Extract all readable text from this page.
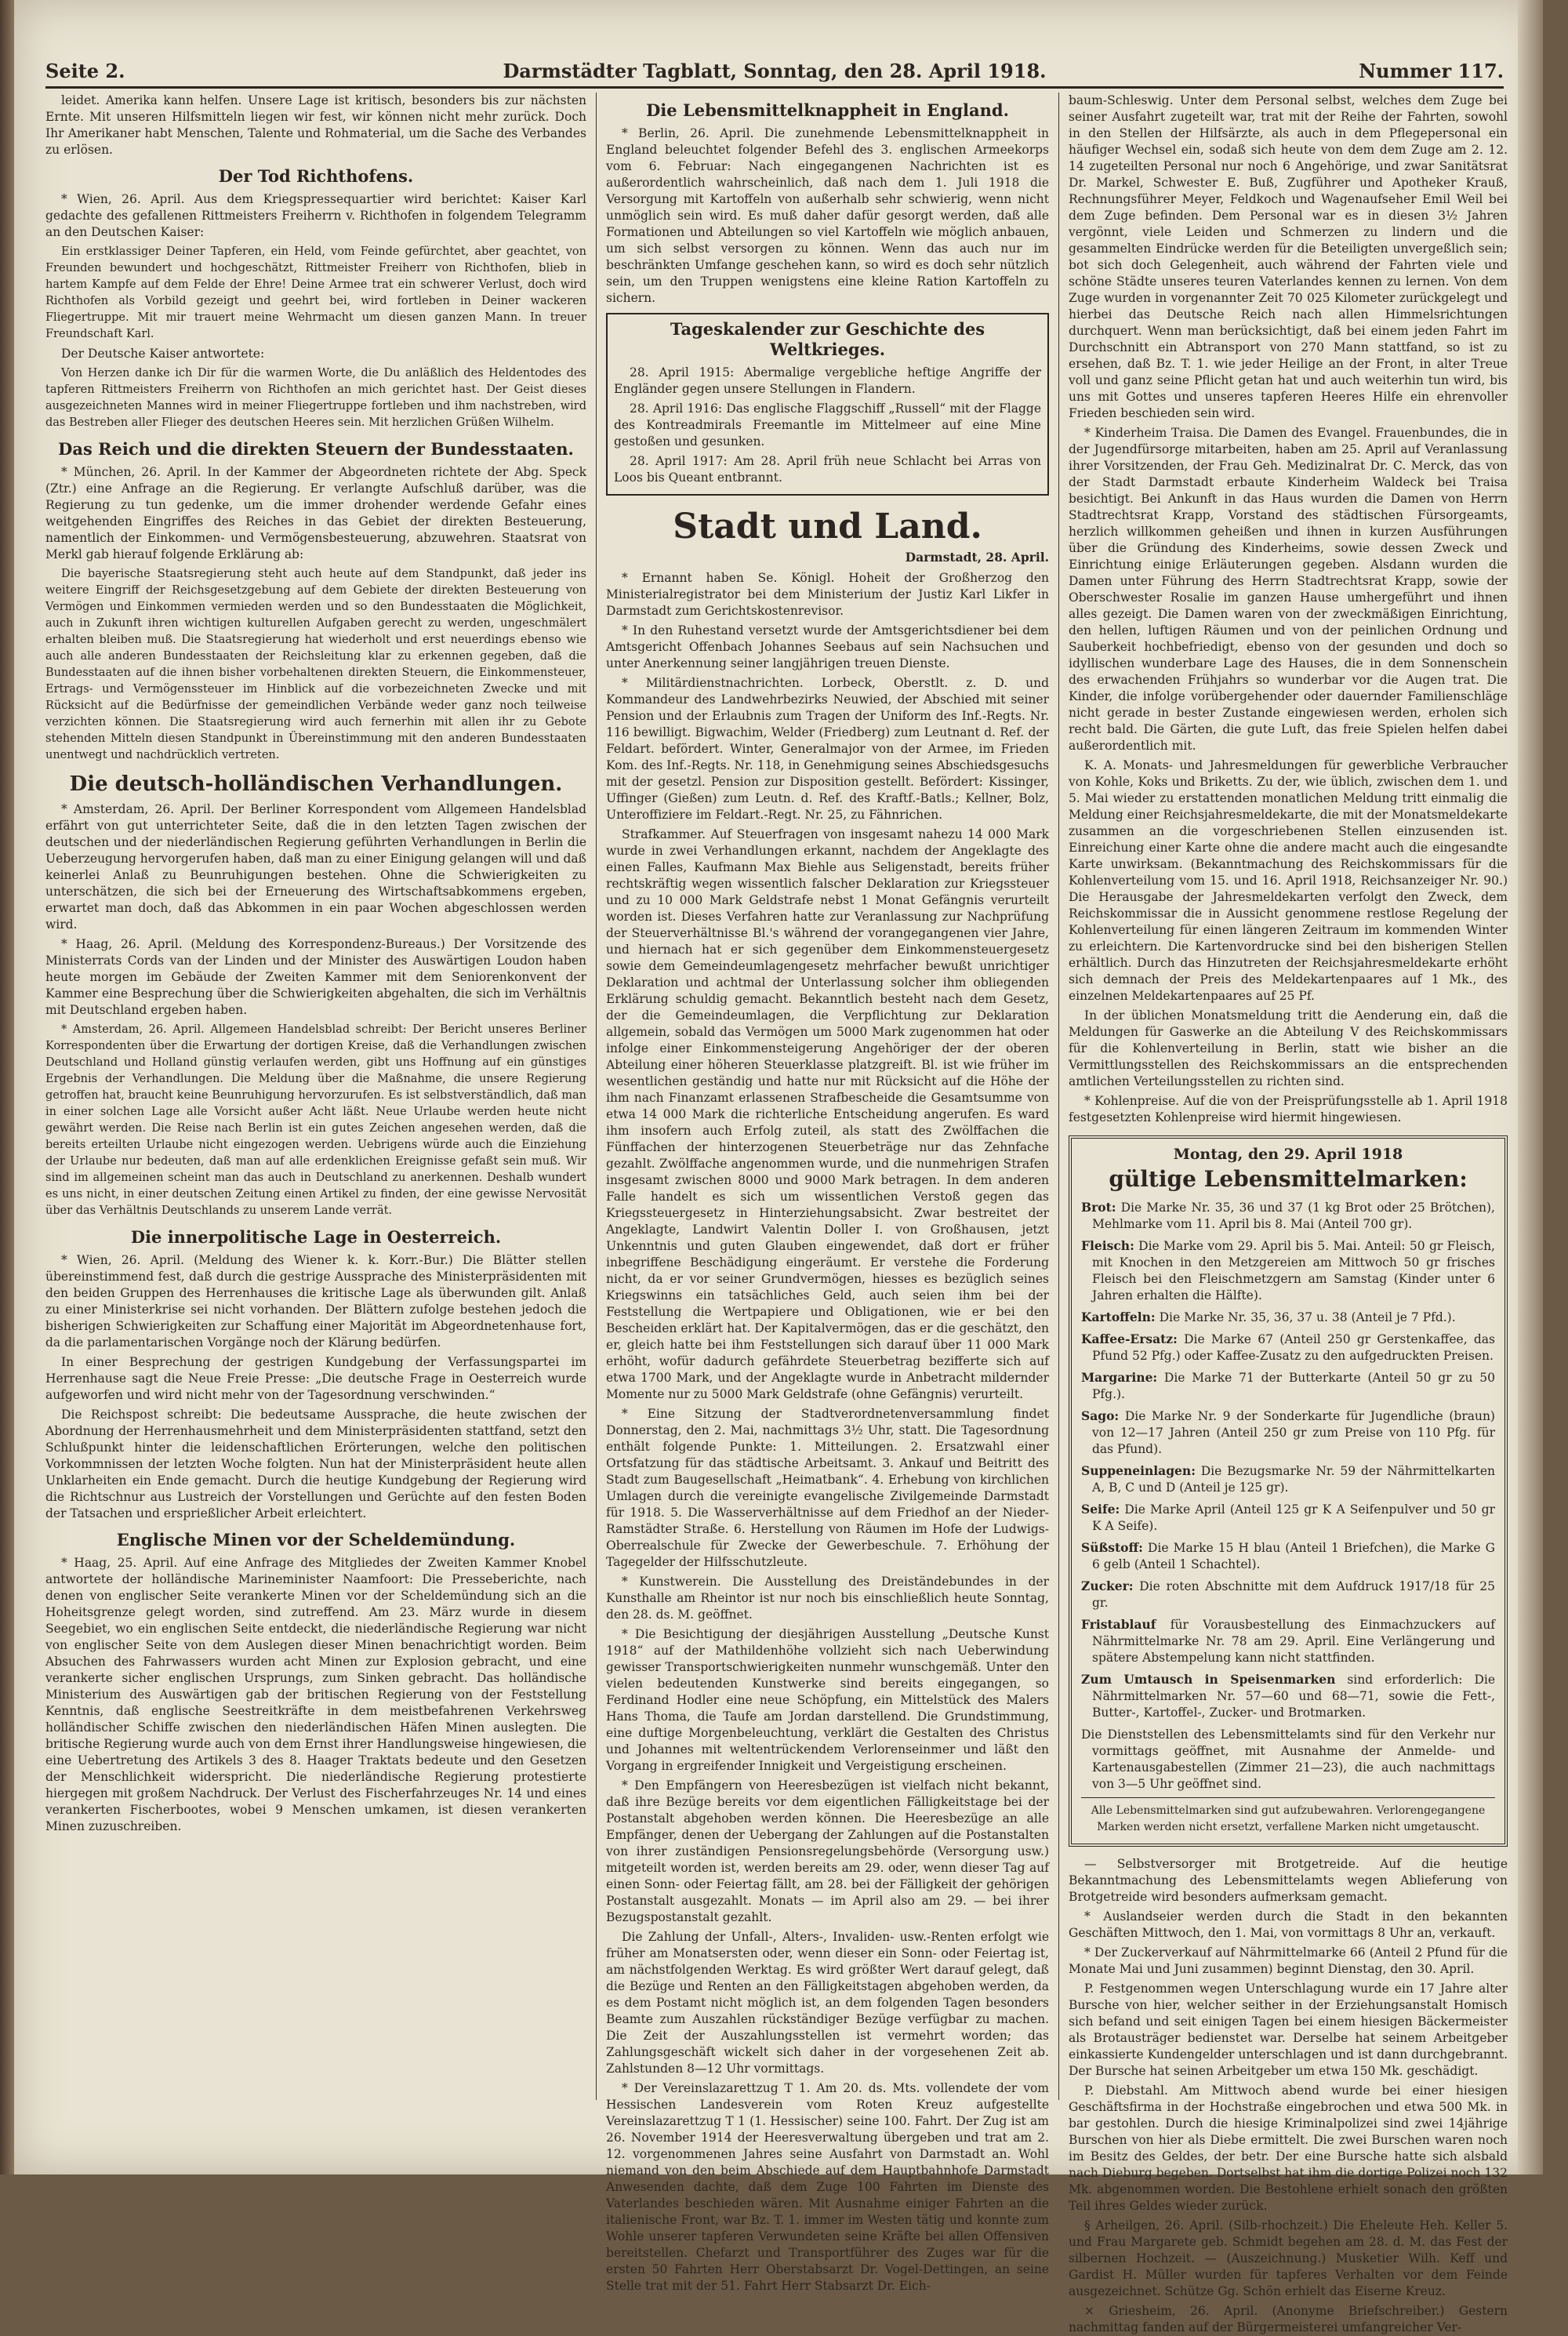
Seite 2.	Darmstädter Tagblatt, Sonntag, den 28. April 1918.	Nummer 117.

leidet. Amerika kann helfen. Unsere Lage ist kritisch, besonders bis zur nächsten Ernte. Mit unseren Hilfsmitteln liegen wir fest, wir können nicht mehr zurück. Doch Ihr Amerikaner habt Menschen, Talente und Rohmaterial, um die Sache des Verbandes zu erlösen.

Der Tod Richthofens.

* Wien, 26. April. Aus dem Kriegspressequartier wird berichtet: Kaiser Karl gedachte des gefallenen Rittmeisters Freiherrn v. Richthofen in folgendem Telegramm an den Deutschen Kaiser:

Ein erstklassiger Deiner Tapferen, ein Held, vom Feinde gefürchtet, aber geachtet, von Freunden bewundert und hochgeschätzt, Rittmeister Freiherr von Richthofen, blieb in hartem Kampfe auf dem Felde der Ehre! Deine Armee trat ein schwerer Verlust, doch wird Richthofen als Vorbild gezeigt und geehrt bei, wird fortleben in Deiner wackeren Fliegertruppe. Mit mir trauert meine Wehrmacht um diesen ganzen Mann. In treuer Freundschaft Karl.

Der Deutsche Kaiser antwortete:

Von Herzen danke ich Dir für die warmen Worte, die Du anläßlich des Heldentodes des tapferen Rittmeisters Freiherrn von Richthofen an mich gerichtet hast. Der Geist dieses ausgezeichneten Mannes wird in meiner Fliegertruppe fortleben und ihm nachstreben, wird das Bestreben aller Flieger des deutschen Heeres sein. Mit herzlichen Grüßen Wilhelm.

Das Reich und die direkten Steuern der Bundesstaaten.

* München, 26. April. In der Kammer der Abgeordneten richtete der Abg. Speck (Ztr.) eine Anfrage an die Regierung. Er verlangte Aufschluß darüber, was die Regierung zu tun gedenke, um die immer drohender werdende Gefahr eines weitgehenden Eingriffes des Reiches in das Gebiet der direkten Besteuerung, namentlich der Einkommen- und Vermögensbesteuerung, abzuwehren. Staatsrat von Merkl gab hierauf folgende Erklärung ab:

Die bayerische Staatsregierung steht auch heute auf dem Standpunkt, daß jeder ins weitere Eingriff der Reichsgesetzgebung auf dem Gebiete der direkten Besteuerung von Vermögen und Einkommen vermieden werden und so den Bundesstaaten die Möglichkeit, auch in Zukunft ihren wichtigen kulturellen Aufgaben gerecht zu werden, ungeschmälert erhalten bleiben muß. Die Staatsregierung hat wiederholt und erst neuerdings ebenso wie auch alle anderen Bundesstaaten der Reichsleitung klar zu erkennen gegeben, daß die Bundesstaaten auf die ihnen bisher vorbehaltenen direkten Steuern, die Einkommensteuer, Ertrags- und Vermögenssteuer im Hinblick auf die vorbezeichneten Zwecke und mit Rücksicht auf die Bedürfnisse der gemeindlichen Verbände weder ganz noch teilweise verzichten können. Die Staatsregierung wird auch fernerhin mit allen ihr zu Gebote stehenden Mitteln diesen Standpunkt in Übereinstimmung mit den anderen Bundesstaaten unentwegt und nachdrücklich vertreten.

Die deutsch-holländischen Verhandlungen.

* Amsterdam, 26. April. Der Berliner Korrespondent vom Allgemeen Handelsblad erfährt von gut unterrichteter Seite, daß die in den letzten Tagen zwischen der deutschen und der niederländischen Regierung geführten Verhandlungen in Berlin die Ueberzeugung hervorgerufen haben, daß man zu einer Einigung gelangen will und daß keinerlei Anlaß zu Beunruhigungen bestehen. Ohne die Schwierigkeiten zu unterschätzen, die sich bei der Erneuerung des Wirtschaftsabkommens ergeben, erwartet man doch, daß das Abkommen in ein paar Wochen abgeschlossen werden wird.

* Haag, 26. April. (Meldung des Korrespondenz-Bureaus.) Der Vorsitzende des Ministerrats Cords van der Linden und der Minister des Auswärtigen Loudon haben heute morgen im Gebäude der Zweiten Kammer mit dem Seniorenkonvent der Kammer eine Besprechung über die Schwierigkeiten abgehalten, die sich im Verhältnis mit Deutschland ergeben haben.

* Amsterdam, 26. April. Allgemeen Handelsblad schreibt: Der Bericht unseres Berliner Korrespondenten über die Erwartung der dortigen Kreise, daß die Verhandlungen zwischen Deutschland und Holland günstig verlaufen werden, gibt uns Hoffnung auf ein günstiges Ergebnis der Verhandlungen. Die Meldung über die Maßnahme, die unsere Regierung getroffen hat, braucht keine Beunruhigung hervorzurufen. Es ist selbstverständlich, daß man in einer solchen Lage alle Vorsicht außer Acht läßt. Neue Urlaube werden heute nicht gewährt werden. Die Reise nach Berlin ist ein gutes Zeichen angesehen werden, daß die bereits erteilten Urlaube nicht eingezogen werden. Uebrigens würde auch die Einziehung der Urlaube nur bedeuten, daß man auf alle erdenklichen Ereignisse gefaßt sein muß. Wir sind im allgemeinen scheint man das auch in Deutschland zu anerkennen. Deshalb wundert es uns nicht, in einer deutschen Zeitung einen Artikel zu finden, der eine gewisse Nervosität über das Verhältnis Deutschlands zu unserem Lande verrät.

Die innerpolitische Lage in Oesterreich.

* Wien, 26. April. (Meldung des Wiener k. k. Korr.-Bur.) Die Blätter stellen übereinstimmend fest, daß durch die gestrige Aussprache des Ministerpräsidenten mit den beiden Gruppen des Herrenhauses die kritische Lage als überwunden gilt. Anlaß zu einer Ministerkrise sei nicht vorhanden. Der Blättern zufolge bestehen jedoch die bisherigen Schwierigkeiten zur Schaffung einer Majorität im Abgeordnetenhause fort, da die parlamentarischen Vorgänge noch der Klärung bedürfen.

In einer Besprechung der gestrigen Kundgebung der Verfassungspartei im Herrenhause sagt die Neue Freie Presse: „Die deutsche Frage in Oesterreich wurde aufgeworfen und wird nicht mehr von der Tagesordnung verschwinden.“

Die Reichspost schreibt: Die bedeutsame Aussprache, die heute zwischen der Abordnung der Herrenhausmehrheit und dem Ministerpräsidenten stattfand, setzt den Schlußpunkt hinter die leidenschaftlichen Erörterungen, welche den politischen Vorkommnissen der letzten Woche folgten. Nun hat der Ministerpräsident heute allen Unklarheiten ein Ende gemacht. Durch die heutige Kundgebung der Regierung wird die Richtschnur aus Lustreich der Vorstellungen und Gerüchte auf den festen Boden der Tatsachen und ersprießlicher Arbeit erleichtert.

Englische Minen vor der Scheldemündung.

* Haag, 25. April. Auf eine Anfrage des Mitgliedes der Zweiten Kammer Knobel antwortete der holländische Marineminister Naamfoort: Die Presseberichte, nach denen von englischer Seite verankerte Minen vor der Scheldemündung sich an die Hoheitsgrenze gelegt worden, sind zutreffend. Am 23. März wurde in diesem Seegebiet, wo ein englischen Seite entdeckt, die niederländische Regierung war nicht von englischer Seite von dem Auslegen dieser Minen benachrichtigt worden. Beim Absuchen des Fahrwassers wurden acht Minen zur Explosion gebracht, und eine verankerte sicher englischen Ursprungs, zum Sinken gebracht. Das holländische Ministerium des Auswärtigen gab der britischen Regierung von der Feststellung Kenntnis, daß englische Seestreitkräfte in dem meistbefahrenen Verkehrsweg holländischer Schiffe zwischen den niederländischen Häfen Minen auslegten. Die britische Regierung wurde auch von dem Ernst ihrer Handlungsweise hingewiesen, die eine Uebertretung des Artikels 3 des 8. Haager Traktats bedeute und den Gesetzen der Menschlichkeit widerspricht. Die niederländische Regierung protestierte hiergegen mit großem Nachdruck. Der Verlust des Fischerfahrzeuges Nr. 14 und eines verankerten Fischerbootes, wobei 9 Menschen umkamen, ist diesen verankerten Minen zuzuschreiben.

Die Lebensmittelknappheit in England.

* Berlin, 26. April. Die zunehmende Lebensmittelknappheit in England beleuchtet folgender Befehl des 3. englischen Armeekorps vom 6. Februar: Nach eingegangenen Nachrichten ist es außerordentlich wahrscheinlich, daß nach dem 1. Juli 1918 die Versorgung mit Kartoffeln von außerhalb sehr schwierig, wenn nicht unmöglich sein wird. Es muß daher dafür gesorgt werden, daß alle Formationen und Abteilungen so viel Kartoffeln wie möglich anbauen, um sich selbst versorgen zu können. Wenn das auch nur im beschränkten Umfange geschehen kann, so wird es doch sehr nützlich sein, um den Truppen wenigstens eine kleine Ration Kartoffeln zu sichern.

Tageskalender zur Geschichte des Weltkrieges.

28. April 1915: Abermalige vergebliche heftige Angriffe der Engländer gegen unsere Stellungen in Flandern.

28. April 1916: Das englische Flaggschiff „Russell“ mit der Flagge des Kontreadmirals Freemantle im Mittelmeer auf eine Mine gestoßen und gesunken.

28. April 1917: Am 28. April früh neue Schlacht bei Arras von Loos bis Queant entbrannt.

Stadt und Land.
Darmstadt, 28. April.

* Ernannt haben Se. Königl. Hoheit der Großherzog den Ministerialregistrator bei dem Ministerium der Justiz Karl Likfer in Darmstadt zum Gerichtskostenrevisor.

* In den Ruhestand versetzt wurde der Amtsgerichtsdiener bei dem Amtsgericht Offenbach Johannes Seebaus auf sein Nachsuchen und unter Anerkennung seiner langjährigen treuen Dienste.

* Militärdienstnachrichten. Lorbeck, Oberstlt. z. D. und Kommandeur des Landwehrbezirks Neuwied, der Abschied mit seiner Pension und der Erlaubnis zum Tragen der Uniform des Inf.-Regts. Nr. 116 bewilligt. Bigwachim, Welder (Friedberg) zum Leutnant d. Ref. der Feldart. befördert. Winter, Generalmajor von der Armee, im Frieden Kom. des Inf.-Regts. Nr. 118, in Genehmigung seines Abschiedsgesuchs mit der gesetzl. Pension zur Disposition gestellt. Befördert: Kissinger, Uffinger (Gießen) zum Leutn. d. Ref. des Kraftf.-Batls.; Kellner, Bolz, Unteroffiziere im Feldart.-Regt. Nr. 25, zu Fähnrichen.

Strafkammer. Auf Steuerfragen von insgesamt nahezu 14 000 Mark wurde in zwei Verhandlungen erkannt, nachdem der Angeklagte des einen Falles, Kaufmann Max Biehle aus Seligenstadt, bereits früher rechtskräftig wegen wissentlich falscher Deklaration zur Kriegssteuer und zu 10 000 Mark Geldstrafe nebst 1 Monat Gefängnis verurteilt worden ist. Dieses Verfahren hatte zur Veranlassung zur Nachprüfung der Steuerverhältnisse Bl.'s während der vorangegangenen vier Jahre, und hiernach hat er sich gegenüber dem Einkommensteuergesetz sowie dem Gemeindeumlagengesetz mehrfacher bewußt unrichtiger Deklaration und achtmal der Unterlassung solcher ihm obliegenden Erklärung schuldig gemacht. Bekanntlich besteht nach dem Gesetz, der die Gemeindeumlagen, die Verpflichtung zur Deklaration allgemein, sobald das Vermögen um 5000 Mark zugenommen hat oder infolge einer Einkommensteigerung Angehöriger der der oberen Abteilung einer höheren Steuerklasse platzgreift. Bl. ist wie früher im wesentlichen geständig und hatte nur mit Rücksicht auf die Höhe der ihm nach Finanzamt erlassenen Strafbescheide die Gesamtsumme von etwa 14 000 Mark die richterliche Entscheidung angerufen. Es ward ihm insofern auch Erfolg zuteil, als statt des Zwölffachen die Fünffachen der hinterzogenen Steuerbeträge nur das Zehnfache gezahlt. Zwölffache angenommen wurde, und die nunmehrigen Strafen insgesamt zwischen 8000 und 9000 Mark betragen. In dem anderen Falle handelt es sich um wissentlichen Verstoß gegen das Kriegssteuergesetz in Hinterziehungsabsicht. Zwar bestreitet der Angeklagte, Landwirt Valentin Doller I. von Großhausen, jetzt Unkenntnis und guten Glauben eingewendet, daß dort er früher inbegriffene Beschädigung eingeräumt. Er verstehe die Forderung nicht, da er vor seiner Grundvermögen, hiesses es bezüglich seines Kriegswinns ein tatsächliches Geld, auch seien ihm bei der Feststellung die Wertpapiere und Obligationen, wie er bei den Bescheiden erklärt hat. Der Kapitalvermögen, das er die geschätzt, den er, gleich hatte bei ihm Feststellungen sich darauf über 11 000 Mark erhöht, wofür dadurch gefährdete Steuerbetrag bezifferte sich auf etwa 1700 Mark, und der Angeklagte wurde in Anbetracht mildernder Momente nur zu 5000 Mark Geldstrafe (ohne Gefängnis) verurteilt.

* Eine Sitzung der Stadtverordnetenversammlung findet Donnerstag, den 2. Mai, nachmittags 3½ Uhr, statt. Die Tagesordnung enthält folgende Punkte: 1. Mitteilungen. 2. Ersatzwahl einer Ortsfatzung für das städtische Arbeitsamt. 3. Ankauf und Beitritt des Stadt zum Baugesellschaft „Heimatbank“. 4. Erhebung von kirchlichen Umlagen durch die vereinigte evangelische Zivilgemeinde Darmstadt für 1918. 5. Die Wasserverhältnisse auf dem Friedhof an der Nieder-Ramstädter Straße. 6. Herstellung von Räumen im Hofe der Ludwigs-Oberrealschule für Zwecke der Gewerbeschule. 7. Erhöhung der Tagegelder der Hilfsschutzleute.

* Kunstwerein. Die Ausstellung des Dreiständebundes in der Kunsthalle am Rheintor ist nur noch bis einschließlich heute Sonntag, den 28. ds. M. geöffnet.

* Die Besichtigung der diesjährigen Ausstellung „Deutsche Kunst 1918“ auf der Mathildenhöhe vollzieht sich nach Ueberwindung gewisser Transportschwierigkeiten nunmehr wunschgemäß. Unter den vielen bedeutenden Kunstwerke sind bereits eingegangen, so Ferdinand Hodler eine neue Schöpfung, ein Mittelstück des Malers Hans Thoma, die Taufe am Jordan darstellend. Die Grundstimmung, eine duftige Morgenbeleuchtung, verklärt die Gestalten des Christus und Johannes mit weltentrückendem Verlorenseinmer und läßt den Vorgang in ergreifender Innigkeit und Vergeistigung erscheinen.

* Den Empfängern von Heeresbezügen ist vielfach nicht bekannt, daß ihre Bezüge bereits vor dem eigentlichen Fälligkeitstage bei der Postanstalt abgehoben werden können. Die Heeresbezüge an alle Empfänger, denen der Uebergang der Zahlungen auf die Postanstalten von ihrer zuständigen Pensionsregelungsbehörde (Versorgung usw.) mitgeteilt worden ist, werden bereits am 29. oder, wenn dieser Tag auf einen Sonn- oder Feiertag fällt, am 28. bei der Fälligkeit der gehörigen Postanstalt ausgezahlt. Monats — im April also am 29. — bei ihrer Bezugspostanstalt gezahlt.

Die Zahlung der Unfall-, Alters-, Invaliden- usw.-Renten erfolgt wie früher am Monatsersten oder, wenn dieser ein Sonn- oder Feiertag ist, am nächstfolgenden Werktag. Es wird größter Wert darauf gelegt, daß die Bezüge und Renten an den Fälligkeitstagen abgehoben werden, da es dem Postamt nicht möglich ist, an dem folgenden Tagen besonders Beamte zum Auszahlen rückständiger Bezüge verfügbar zu machen. Die Zeit der Auszahlungsstellen ist vermehrt worden; das Zahlungsgeschäft wickelt sich daher in der vorgesehenen Zeit ab. Zahlstunden 8—12 Uhr vormittags.

* Der Vereinslazarettzug T 1. Am 20. ds. Mts. vollendete der vom Hessischen Landesverein vom Roten Kreuz aufgestellte Vereinslazarettzug T 1 (1. Hessischer) seine 100. Fahrt. Der Zug ist am 26. November 1914 der Heeresverwaltung übergeben und trat am 2. 12. vorgenommenen Jahres seine Ausfahrt von Darmstadt an. Wohl niemand von den beim Abschiede auf dem Hauptbahnhofe Darmstadt Anwesenden dachte, daß dem Zuge 100 Fahrten im Dienste des Vaterlandes beschieden wären. Mit Ausnahme einiger Fahrten an die italienische Front, war Bz. T. 1. immer im Westen tätig und konnte zum Wohle unserer tapferen Verwundeten seine Kräfte bei allen Offensiven bereitstellen. Chefarzt und Transportführer des Zuges war für die ersten 50 Fahrten Herr Oberstabsarzt Dr. Vogel-Dettingen, an seine Stelle trat mit der 51. Fahrt Herr Stabsarzt Dr. Eich-

baum-Schleswig. Unter dem Personal selbst, welches dem Zuge bei seiner Ausfahrt zugeteilt war, trat mit der Reihe der Fahrten, sowohl in den Stellen der Hilfsärzte, als auch in dem Pflegepersonal ein häufiger Wechsel ein, sodaß sich heute von dem dem Zuge am 2. 12. 14 zugeteilten Personal nur noch 6 Angehörige, und zwar Sanitätsrat Dr. Markel, Schwester E. Buß, Zugführer und Apotheker Krauß, Rechnungsführer Meyer, Feldkoch und Wagenaufseher Emil Weil bei dem Zuge befinden. Dem Personal war es in diesen 3½ Jahren vergönnt, viele Leiden und Schmerzen zu lindern und die gesammelten Eindrücke werden für die Beteiligten unvergeßlich sein; bot sich doch Gelegenheit, auch während der Fahrten viele und schöne Städte unseres teuren Vaterlandes kennen zu lernen. Von dem Zuge wurden in vorgenannter Zeit 70 025 Kilometer zurückgelegt und hierbei das Deutsche Reich nach allen Himmelsrichtungen durchquert. Wenn man berücksichtigt, daß bei einem jeden Fahrt im Durchschnitt ein Abtransport von 270 Mann stattfand, so ist zu ersehen, daß Bz. T. 1. wie jeder Heilige an der Front, in alter Treue voll und ganz seine Pflicht getan hat und auch weiterhin tun wird, bis uns mit Gottes und unseres tapferen Heeres Hilfe ein ehrenvoller Frieden beschieden sein wird.

* Kinderheim Traisa. Die Damen des Evangel. Frauenbundes, die in der Jugendfürsorge mitarbeiten, haben am 25. April auf Veranlassung ihrer Vorsitzenden, der Frau Geh. Medizinalrat Dr. C. Merck, das von der Stadt Darmstadt erbaute Kinderheim Waldeck bei Traisa besichtigt. Bei Ankunft in das Haus wurden die Damen von Herrn Stadtrechtsrat Krapp, Vorstand des städtischen Fürsorgeamts, herzlich willkommen geheißen und ihnen in kurzen Ausführungen über die Gründung des Kinderheims, sowie dessen Zweck und Einrichtung einige Erläuterungen gegeben. Alsdann wurden die Damen unter Führung des Herrn Stadtrechtsrat Krapp, sowie der Oberschwester Rosalie im ganzen Hause umhergeführt und ihnen alles gezeigt. Die Damen waren von der zweckmäßigen Einrichtung, den hellen, luftigen Räumen und von der peinlichen Ordnung und Sauberkeit hochbefriedigt, ebenso von der gesunden und doch so idyllischen wunderbare Lage des Hauses, die in dem Sonnenschein des erwachenden Frühjahrs so wunderbar vor die Augen trat. Die Kinder, die infolge vorübergehender oder dauernder Familienschläge nicht gerade in bester Zustande eingewiesen werden, erholen sich recht bald. Die Gärten, die gute Luft, das freie Spielen helfen dabei außerordentlich mit.

K. A. Monats- und Jahresmeldungen für gewerbliche Verbraucher von Kohle, Koks und Briketts. Zu der, wie üblich, zwischen dem 1. und 5. Mai wieder zu erstattenden monatlichen Meldung tritt einmalig die Meldung einer Reichsjahresmeldekarte, die mit der Monatsmeldekarte zusammen an die vorgeschriebenen Stellen einzusenden ist. Einreichung einer Karte ohne die andere macht auch die eingesandte Karte unwirksam. (Bekanntmachung des Reichskommissars für die Kohlenverteilung vom 15. und 16. April 1918, Reichsanzeiger Nr. 90.) Die Herausgabe der Jahresmeldekarten verfolgt den Zweck, dem Reichskommissar die in Aussicht genommene restlose Regelung der Kohlenverteilung für einen längeren Zeitraum im kommenden Winter zu erleichtern. Die Kartenvordrucke sind bei den bisherigen Stellen erhältlich. Durch das Hinzutreten der Reichsjahresmeldekarte erhöht sich demnach der Preis des Meldekartenpaares auf 1 Mk., des einzelnen Meldekartenpaares auf 25 Pf.

In der üblichen Monatsmeldung tritt die Aenderung ein, daß die Meldungen für Gaswerke an die Abteilung V des Reichskommissars für die Kohlenverteilung in Berlin, statt wie bisher an die Vermittlungsstellen des Reichskommissars an die entsprechenden amtlichen Verteilungsstellen zu richten sind.

* Kohlenpreise. Auf die von der Preisprüfungsstelle ab 1. April 1918 festgesetzten Kohlenpreise wird hiermit hingewiesen.

Montag, den 29. April 1918
gültige Lebensmittelmarken:
Brot: Die Marke Nr. 35, 36 und 37 (1 kg Brot oder 25 Brötchen), Mehlmarke vom 11. April bis 8. Mai (Anteil 700 gr).
Fleisch: Die Marke vom 29. April bis 5. Mai. Anteil: 50 gr Fleisch, mit Knochen in den Metzgereien am Mittwoch 50 gr frisches Fleisch bei den Fleischmetzgern am Samstag (Kinder unter 6 Jahren erhalten die Hälfte).
Kartoffeln: Die Marke Nr. 35, 36, 37 u. 38 (Anteil je 7 Pfd.).
Kaffee-Ersatz: Die Marke 67 (Anteil 250 gr Gerstenkaffee, das Pfund 52 Pfg.) oder Kaffee-Zusatz zu den aufgedruckten Preisen.
Margarine: Die Marke 71 der Butterkarte (Anteil 50 gr zu 50 Pfg.).
Sago: Die Marke Nr. 9 der Sonderkarte für Jugendliche (braun) von 12—17 Jahren (Anteil 250 gr zum Preise von 110 Pfg. für das Pfund).
Suppeneinlagen: Die Bezugsmarke Nr. 59 der Nährmittelkarten A, B, C und D (Anteil je 125 gr).
Seife: Die Marke April (Anteil 125 gr K A Seifenpulver und 50 gr K A Seife).
Süßstoff: Die Marke 15 H blau (Anteil 1 Briefchen), die Marke G 6 gelb (Anteil 1 Schachtel).
Zucker: Die roten Abschnitte mit dem Aufdruck 1917/18 für 25 gr.
Fristablauf für Vorausbestellung des Einmachzuckers auf Nährmittelmarke Nr. 78 am 29. April. Eine Verlängerung und spätere Abstempelung kann nicht stattfinden.
Zum Umtausch in Speisenmarken sind erforderlich: Die Nährmittelmarken Nr. 57—60 und 68—71, sowie die Fett-, Butter-, Kartoffel-, Zucker- und Brotmarken.
Die Dienststellen des Lebensmittelamts sind für den Verkehr nur vormittags geöffnet, mit Ausnahme der Anmelde- und Kartenausgabestellen (Zimmer 21—23), die auch nachmittags von 3—5 Uhr geöffnet sind.
Alle Lebensmittelmarken sind gut aufzubewahren. Verlorengegangene Marken werden nicht ersetzt, verfallene Marken nicht umgetauscht.

— Selbstversorger mit Brotgetreide. Auf die heutige Bekanntmachung des Lebensmittelamts wegen Ablieferung von Brotgetreide wird besonders aufmerksam gemacht.

* Auslandseier werden durch die Stadt in den bekannten Geschäften Mittwoch, den 1. Mai, von vormittags 8 Uhr an, verkauft.

* Der Zuckerverkauf auf Nährmittelmarke 66 (Anteil 2 Pfund für die Monate Mai und Juni zusammen) beginnt Dienstag, den 30. April.

P. Festgenommen wegen Unterschlagung wurde ein 17 Jahre alter Bursche von hier, welcher seither in der Erziehungsanstalt Homisch sich befand und seit einigen Tagen bei einem hiesigen Bäckermeister als Brotausträger bedienstet war. Derselbe hat seinem Arbeitgeber einkassierte Kundengelder unterschlagen und ist dann durchgebrannt. Der Bursche hat seinen Arbeitgeber um etwa 150 Mk. geschädigt.

P. Diebstahl. Am Mittwoch abend wurde bei einer hiesigen Geschäftsfirma in der Hochstraße eingebrochen und etwa 500 Mk. in bar gestohlen. Durch die hiesige Kriminalpolizei sind zwei 14jährige Burschen von hier als Diebe ermittelt. Die zwei Burschen waren noch im Besitz des Geldes, der betr. Der eine Bursche hatte sich alsbald nach Dieburg begeben. Dortselbst hat ihm die dortige Polizei noch 132 Mk. abgenommen worden. Die Bestohlene erhielt sonach den größten Teil ihres Geldes wieder zurück.

§ Arheilgen, 26. April. (Silb-rhochzeit.) Die Eheleute Heh. Keller 5. und Frau Margarete geb. Schmidt begehen am 28. d. M. das Fest der silbernen Hochzeit. — (Auszeichnung.) Musketier Wilh. Keff und Gardist H. Müller wurden für tapferes Verhalten vor dem Feinde ausgezeichnet. Schütze Gg. Schön erhielt das Eiserne Kreuz.

× Griesheim, 26. April. (Anonyme Briefschreiber.) Gestern nachmittag fanden auf der Bürgermeisterei umfangreicher Ver-
